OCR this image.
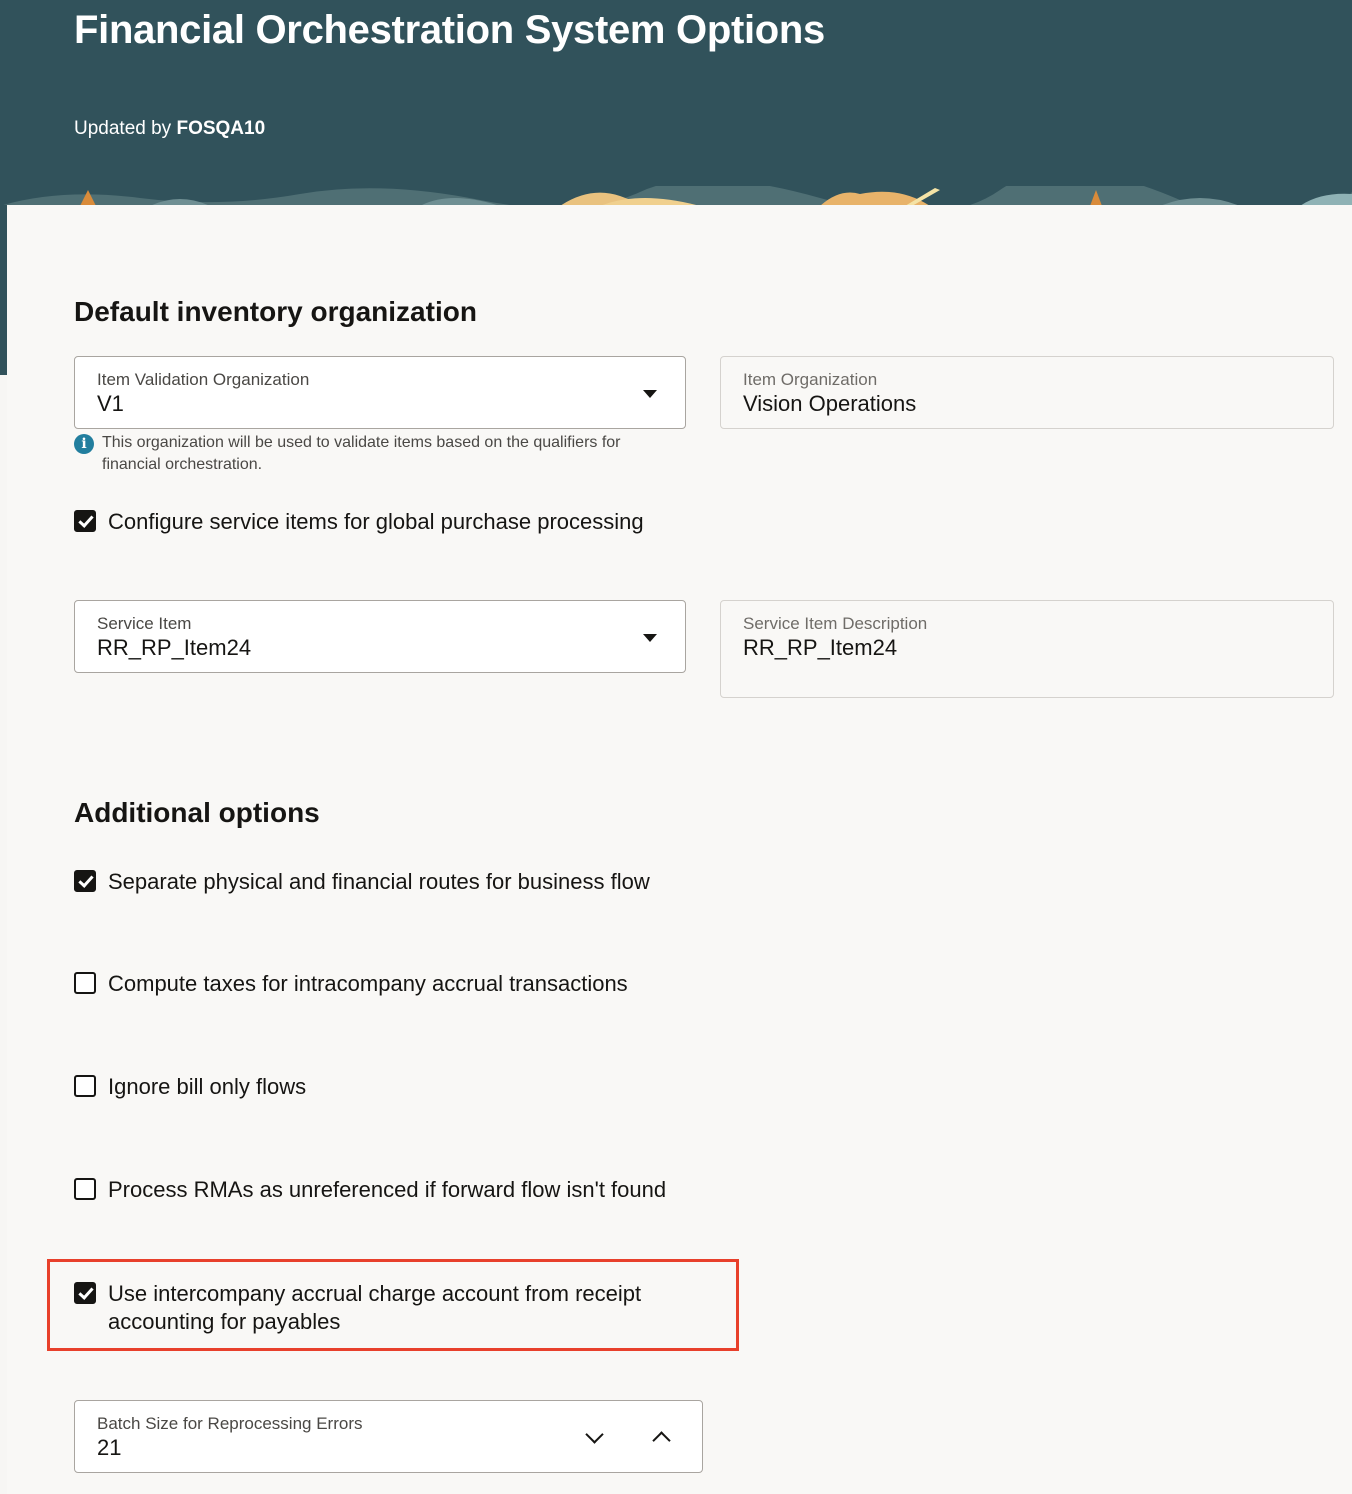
Financial Orchestration System Options
Updated by FOSQA10
Default inventory organization
Item Validation Organization
V1
Item Organization
Vision Operations
i This organization will be used to validate items based on the qualifiers for financial orchestration.
Configure service items for global purchase processing
Service Item
RR_RP_Item24
Service Item Description
RR_RP_Item24
Additional options
Separate physical and financial routes for business flow
Compute taxes for intracompany accrual transactions
Ignore bill only flows
Process RMAs as unreferenced if forward flow isn't found
Use intercompany accrual charge account from receipt
accounting for payables
Batch Size for Reprocessing Errors
21
